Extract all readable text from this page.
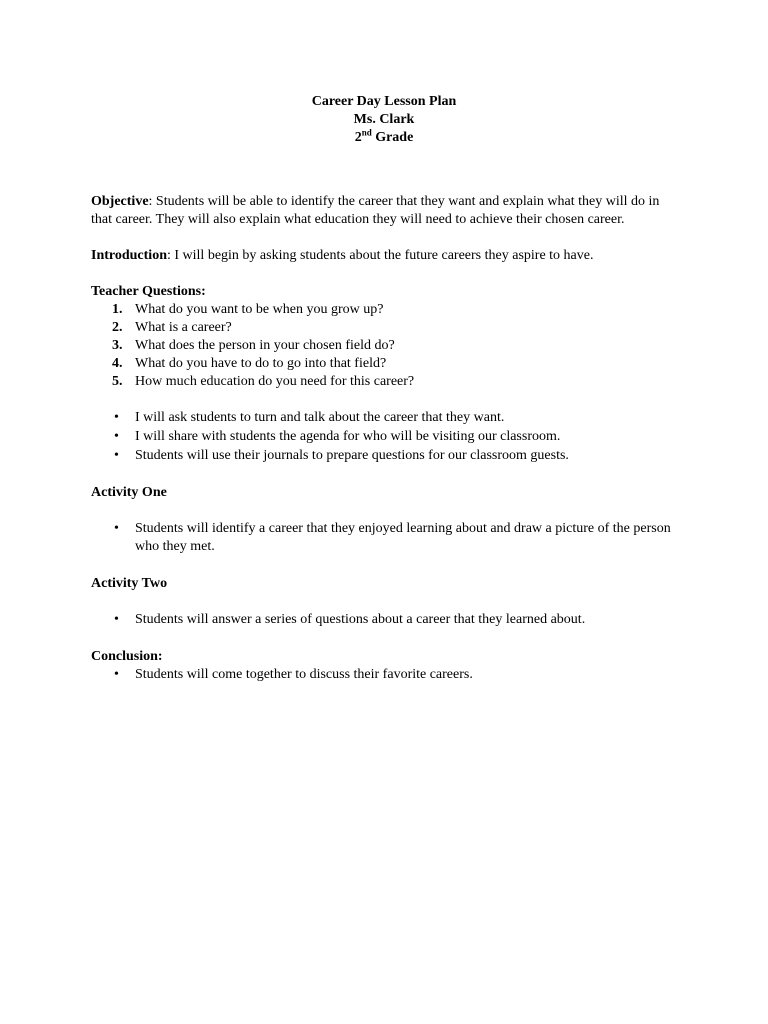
Career Day Lesson Plan
Ms. Clark
2nd Grade

Objective: Students will be able to identify the career that they want and explain what they will do in that career. They will also explain what education they will need to achieve their chosen career.

Introduction: I will begin by asking students about the future careers they aspire to have.

Teacher Questions:
1. What do you want to be when you grow up?
2. What is a career?
3. What does the person in your chosen field do?
4. What do you have to do to go into that field?
5. How much education do you need for this career?
• I will ask students to turn and talk about the career that they want.
• I will share with students the agenda for who will be visiting our classroom.
• Students will use their journals to prepare questions for our classroom guests.
Activity One
• Students will identify a career that they enjoyed learning about and draw a picture of the person who they met.
Activity Two
• Students will answer a series of questions about a career that they learned about.
Conclusion:
• Students will come together to discuss their favorite careers.
